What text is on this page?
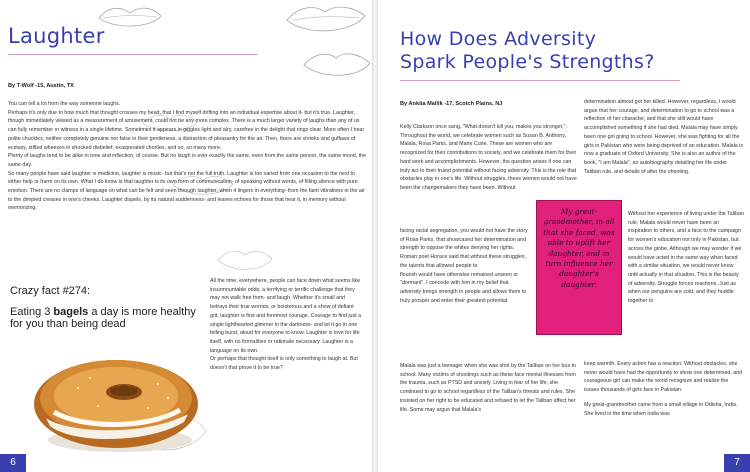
Laughter
By T-Wolf -15, Austin, TX

You can tell a lot from the way someone laughs.

Perhaps it's only due to how much that thought crosses my head, that I find myself drifting into an individual expertise about it- but it's true. Laughter, though immediately viewed as a measurement of amusement, could not be any more complex. There is a much larger variety of laughs than any of us can fully remember or witness in a single lifetime. Sometimes it appears in giggles light and airy, carefree in the delight that rings clear. More often I hear polite chuckles, neither completely genuine nor false in their gentleness, a distraction of pleasantry for the air. Then, there are shrieks and guffaws of ecstasy, stifled wheezes in shocked disbelief, exasperated chortles, and so, so many more.

Plenty of laughs tend to be alike in tone and inflection, of course. But no laugh is ever exactly the same, even from the same person, the same mood, the same day.

So many people have said laughter is medicine, laughter is music- but that's not the full truth. Laughter is too varied from one occasion to the next to either help or harm on its own. What I do know is that laughter is its own form of communication- of speaking without words, of filling silence with pure emotion. There are no clamps of language on what can be felt and seen through laughter, when it lingers in everything- from the faint vibrations in the air to the dimpled creases in one's cheeks. Laughter dispels, by its natural suddenness- and leaves echoes for those that hear it, in memory without memorizing.

Crazy fact #274:
Eating 3 bagels a day is more healthy for you than being dead

All the time, everywhere, people can face down what seems like insurmountable odds, a terrifying or terrific challenge that they may not walk free from- and laugh. Whether it's small and betrays their true worries, or boisterous and a show of defiant grit, laughter is first and foremost courage. Courage to find just a single lighthearted glimmer in the darkness- and let it go in one felling burst, aloud for everyone to know. Laughter is love for life itself, with no formalities or rationale necessary. Laughter is a language on its own.

Or perhaps that thought itself is only something to laugh at. But doesn't that prove it to be true?

6
How Does Adversity
Spark People's Strengths?
By Ankita Mallik -17, Scotch Plains, NJ

Kelly Clarkson once sang, "What doesn't kill you, makes you stronger,". Throughout the world, we celebrate women such as Susan B. Anthony, Malala, Rosa Parks, and Marie Curie. These are women who are recognized for their contributions to society, and we celebrate them for their hard work and accomplishments. However, the question arises if one can truly act to their truest potential without facing adversity. This is the role that obstacles play in one's life. Without struggles, these women would not have been the changemakers they have been. Without

facing racial segregation, you would not have the story of Rosa Parks, that showcased her determination and strength to oppose the whites denying her rights. Roman poet Horace said that without these struggles, the talents that allowed people to

flourish would have otherwise remained unseen or "dormant". I concede with him in my belief that adversity brings strength in people and allows them to truly prosper and enter their greatest potential.

Malala was just a teenager when she was shot by the Taliban on her bus to school. Many victims of shootings such as these face mental illnesses from the trauma, such as PTSD and anxiety. Living in fear of her life, she continued to go to school regardless of the Taliban's threats and rules. She insisted on her right to be educated and refused to let the Taliban affect her life. Some may argue that Malala's

My great-grandmother, in all that she faced, was able to uplift her daughter, and in turn influence her daughter's daughter.

determination almost got her killed. However, regardless, I would argue that her courage, and determination to go to school was a reflection of her character, and that she still would have accomplished something if she had died. Malala may have simply been one girl going to school. However, she was fighting for all the girls in Pakistan who were being deprived of an education. Malala is now a graduate of Oxford University. She is also an author of the book, "I am Malala", an autobiography detailing her life under Taliban rule, and details of after the shooting.

Without her experience of living under the Taliban rule, Malala would never have been an inspiration to others, and a face to the campaign for women's education not only in Pakistan, but across the globe. Although we may wonder if we would have acted in the same way when faced with a similar situation, we would never know until actually in that situation. This is the beauty of adversity. Struggle forces reactions. Just as when our penguins are cold, and they huddle together to

keep warmth. Every action has a reaction. Without obstacles, she never would have had the opportunity to show one determined, and courageous girl can make the world recognize and realize the issues thousands of girls face in Pakistan.

My great-grandmother came from a small village in Odisha, India. She lived in the time when India was

7
